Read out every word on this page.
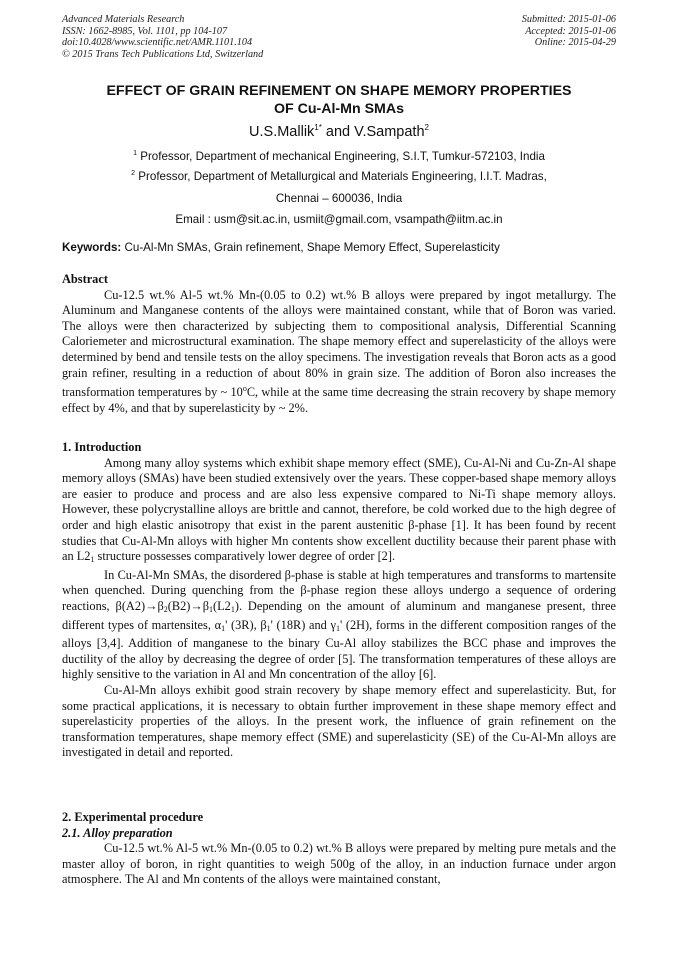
Advanced Materials Research
ISSN: 1662-8985, Vol. 1101, pp 104-107
doi:10.4028/www.scientific.net/AMR.1101.104
© 2015 Trans Tech Publications Ltd, Switzerland
Submitted: 2015-01-06
Accepted: 2015-01-06
Online: 2015-04-29
EFFECT OF GRAIN REFINEMENT ON SHAPE MEMORY PROPERTIES
OF Cu-Al-Mn SMAs
U.S.Mallik$^{1*}$ and V.Sampath$^2$
$^1$ Professor, Department of mechanical Engineering, S.I.T, Tumkur-572103, India
$^2$ Professor, Department of Metallurgical and Materials Engineering, I.I.T. Madras,
Chennai – 600036, India
Email : usm@sit.ac.in, usmiit@gmail.com, vsampath@iitm.ac.in
Keywords: Cu-Al-Mn SMAs, Grain refinement, Shape Memory Effect, Superelasticity
Abstract

Cu-12.5 wt.% Al-5 wt.% Mn-(0.05 to 0.2) wt.% B alloys were prepared by ingot metallurgy. The Aluminum and Manganese contents of the alloys were maintained constant, while that of Boron was varied. The alloys were then characterized by subjecting them to compositional analysis, Differential Scanning Caloriemeter and microstructural examination. The shape memory effect and superelasticity of the alloys were determined by bend and tensile tests on the alloy specimens. The investigation reveals that Boron acts as a good grain refiner, resulting in a reduction of about 80% in grain size. The addition of Boron also increases the transformation temperatures by ~ 10$^o$C, while at the same time decreasing the strain recovery by shape memory effect by 4%, and that by superelasticity by ~ 2%.

1. Introduction

Among many alloy systems which exhibit shape memory effect (SME), Cu-Al-Ni and Cu-Zn-Al shape memory alloys (SMAs) have been studied extensively over the years. These copper-based shape memory alloys are easier to produce and process and are also less expensive compared to Ni-Ti shape memory alloys. However, these polycrystalline alloys are brittle and cannot, therefore, be cold worked due to the high degree of order and high elastic anisotropy that exist in the parent austenitic β-phase [1]. It has been found by recent studies that Cu-Al-Mn alloys with higher Mn contents show excellent ductility because their parent phase with an $L2_1$ structure possesses comparatively lower degree of order [2].

In Cu-Al-Mn SMAs, the disordered β-phase is stable at high temperatures and transforms to martensite when quenched. During quenching from the β-phase region these alloys undergo a sequence of ordering reactions, $\beta(A2)\to\beta_2(B2)\to\beta_1(L2_1)$. Depending on the amount of aluminum and manganese present, three different types of martensites, $\alpha_1'$ (3R), $\beta_1'$ (18R) and $\gamma_1'$ (2H), forms in the different composition ranges of the alloys [3,4]. Addition of manganese to the binary Cu-Al alloy stabilizes the BCC phase and improves the ductility of the alloy by decreasing the degree of order [5]. The transformation temperatures of these alloys are highly sensitive to the variation in Al and Mn concentration of the alloy [6].

Cu-Al-Mn alloys exhibit good strain recovery by shape memory effect and superelasticity. But, for some practical applications, it is necessary to obtain further improvement in these shape memory effect and superelasticity properties of the alloys. In the present work, the influence of grain refinement on the transformation temperatures, shape memory effect (SME) and superelasticity (SE) of the Cu-Al-Mn alloys are investigated in detail and reported.

2. Experimental procedure
2.1. Alloy preparation

Cu-12.5 wt.% Al-5 wt.% Mn-(0.05 to 0.2) wt.% B alloys were prepared by melting pure metals and the master alloy of boron, in right quantities to weigh 500g of the alloy, in an induction furnace under argon atmosphere. The Al and Mn contents of the alloys were maintained constant,
